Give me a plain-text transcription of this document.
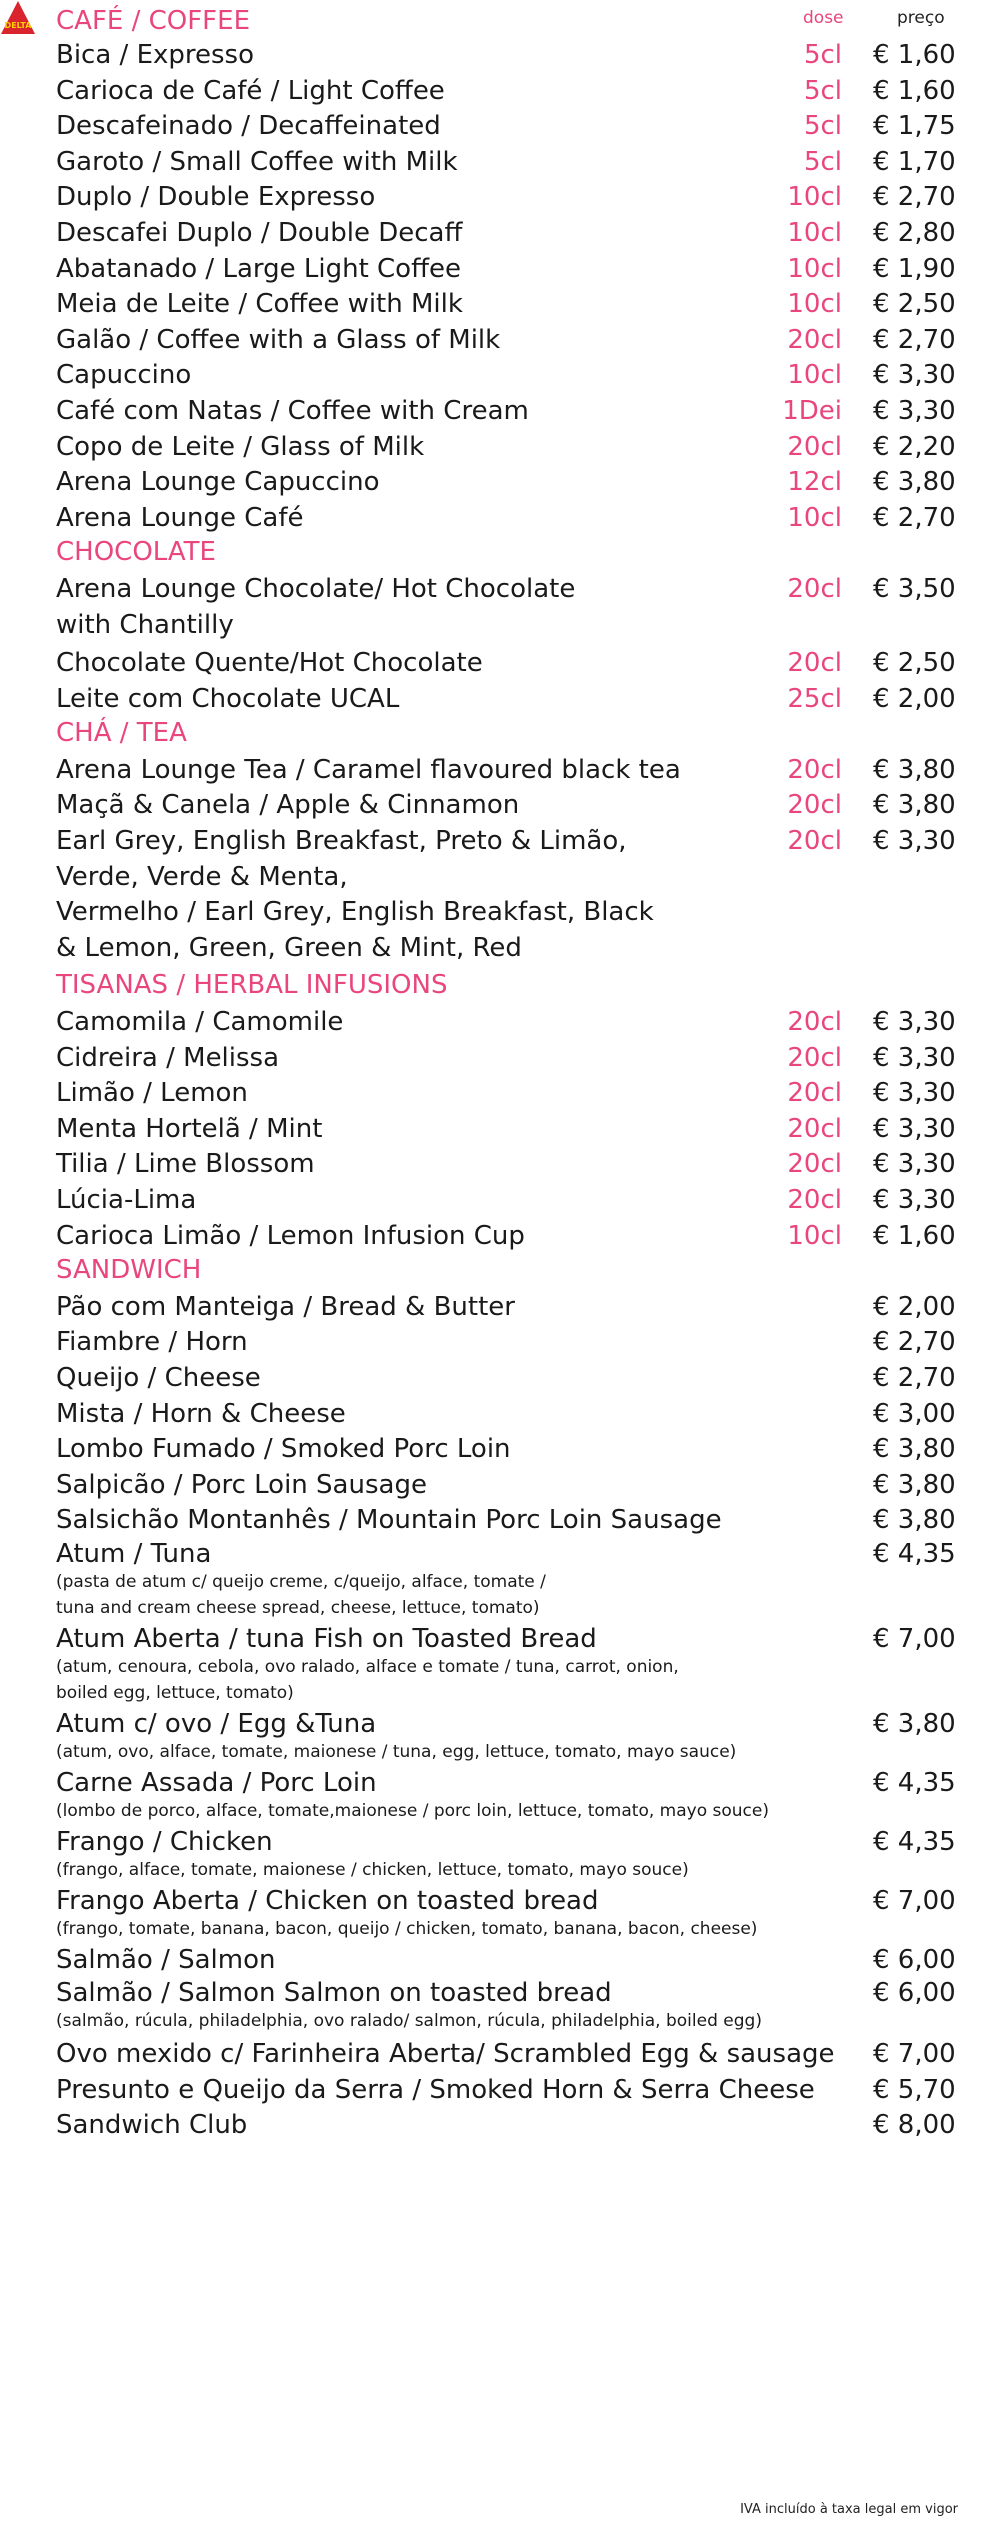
DELTA CAFÉ / COFFEE	dose	preço
Bica / Expresso	5cl € 1,60
Carioca de Café / Light Coffee	5cl € 1,60
Descafeinado / Decaffeinated	5cl € 1,75
Garoto / Small Coffee with Milk	5cl € 1,70
Duplo / Double Expresso	10cl € 2,70
Descafei Duplo / Double Decaff	10cl € 2,80
Abatanado / Large Light Coffee	10cl € 1,90
Meia de Leite / Coffee with Milk	10cl € 2,50
Galão / Coffee with a Glass of Milk	20cl € 2,70
Capuccino	10cl € 3,30
Café com Natas / Coffee with Cream	1Dei € 3,30
Copo de Leite / Glass of Milk	20cl € 2,20
Arena Lounge Capuccino	12cl € 3,80
Arena Lounge Café	10cl € 2,70
CHOCOLATE
Arena Lounge Chocolate/ Hot Chocolate
with Chantilly
20cl € 3,50
Chocolate Quente/Hot Chocolate	20cl € 2,50
Leite com Chocolate UCAL	25cl € 2,00
CHÁ / TEA
Arena Lounge Tea / Caramel flavoured black tea	20cl € 3,80
Maçã & Canela / Apple & Cinnamon	20cl € 3,80
Earl Grey, English Breakfast, Preto & Limão,
Verde, Verde & Menta,
Vermelho / Earl Grey, English Breakfast, Black
& Lemon, Green, Green & Mint, Red
20cl € 3,30
TISANAS / HERBAL INFUSIONS
Camomila / Camomile	20cl € 3,30
Cidreira / Melissa	20cl € 3,30
Limão / Lemon	20cl € 3,30
Menta Hortelã / Mint	20cl € 3,30
Tilia / Lime Blossom	20cl € 3,30
Lúcia-Lima	20cl € 3,30
Carioca Limão / Lemon Infusion Cup	10cl € 1,60
SANDWICH
Pão com Manteiga / Bread & Butter	€ 2,00
Fiambre / Horn	€ 2,70
Queijo / Cheese	€ 2,70
Mista / Horn & Cheese	€ 3,00
Lombo Fumado / Smoked Porc Loin	€ 3,80
Salpicão / Porc Loin Sausage	€ 3,80
Salsichão Montanhês / Mountain Porc Loin Sausage	€ 3,80
Atum / Tuna
(pasta de atum c/ queijo creme, c/queijo, alface, tomate /
tuna and cream cheese spread, cheese, lettuce, tomato)
€ 4,35
Atum Aberta / tuna Fish on Toasted Bread
(atum, cenoura, cebola, ovo ralado, alface e tomate / tuna, carrot, onion,
boiled egg, lettuce, tomato)
€ 7,00
Atum c/ ovo / Egg &Tuna
(atum, ovo, alface, tomate, maionese / tuna, egg, lettuce, tomato, mayo sauce)
€ 3,80
Carne Assada / Porc Loin
(lombo de porco, alface, tomate,maionese / porc loin, lettuce, tomato, mayo souce)
€ 4,35
Frango / Chicken
(frango, alface, tomate, maionese / chicken, lettuce, tomato, mayo souce)
€ 4,35
Frango Aberta / Chicken on toasted bread
(frango, tomate, banana, bacon, queijo / chicken, tomato, banana, bacon, cheese)
€ 7,00
Salmão / Salmon	€ 6,00
Salmão / Salmon Salmon on toasted bread
(salmão, rúcula, philadelphia, ovo ralado/ salmon, rúcula, philadelphia, boiled egg)
€ 6,00
Ovo mexido c/ Farinheira Aberta/ Scrambled Egg & sausage € 7,00
Presunto e Queijo da Serra / Smoked Horn & Serra Cheese € 5,70
Sandwich Club	€ 8,00
IVA incluído à taxa legal em vigor
